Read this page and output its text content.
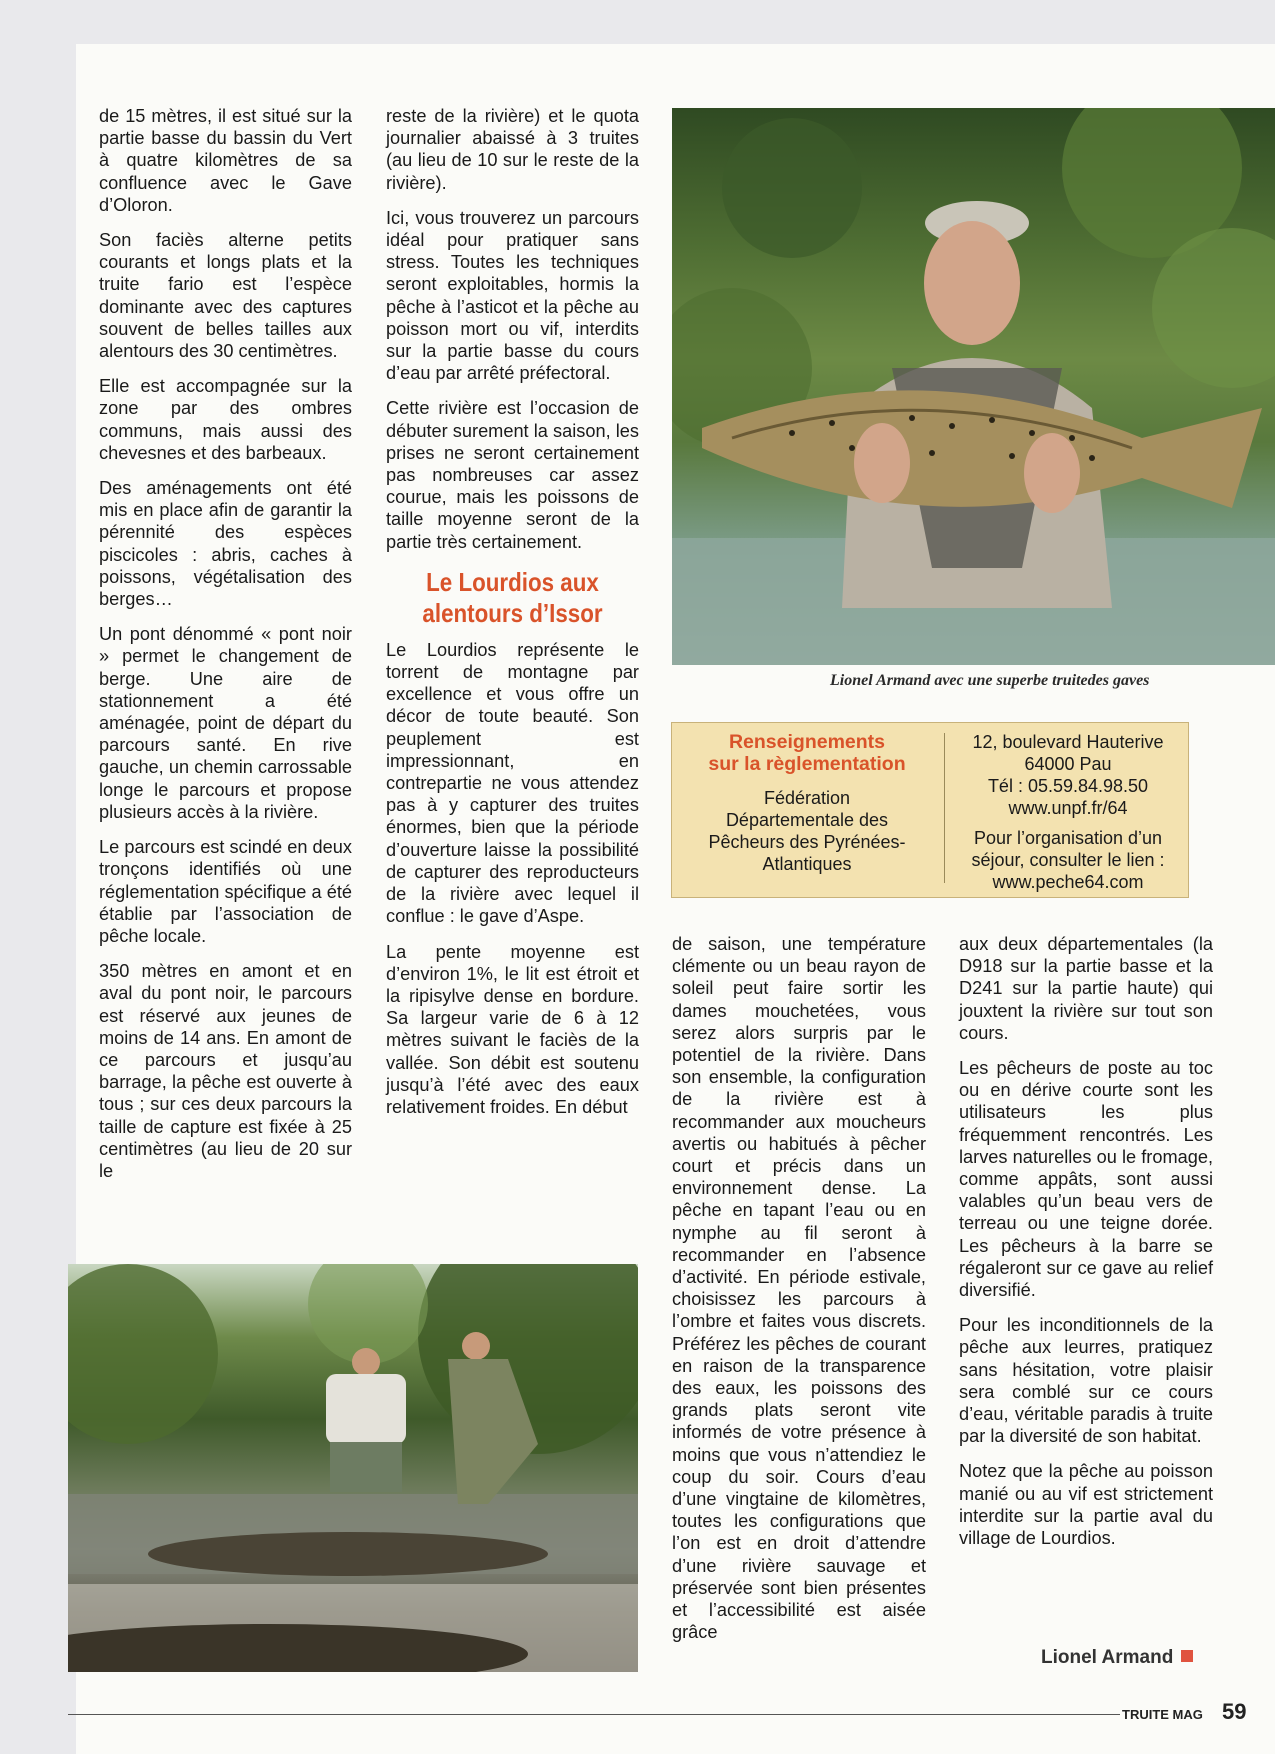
de 15 mètres, il est situé sur la partie basse du bassin du Vert à quatre kilomètres de sa confluence avec le Gave d’Oloron.

Son faciès alterne petits courants et longs plats et la truite fario est l’espèce dominante avec des captures souvent de belles tailles aux alentours des 30 centimètres.

Elle est accompagnée sur la zone par des ombres communs, mais aussi des chevesnes et des barbeaux.

Des aménagements ont été mis en place afin de garantir la pérennité des espèces piscicoles : abris, caches à poissons, végétalisation des berges…

Un pont dénommé « pont noir » permet le changement de berge. Une aire de stationnement a été aménagée, point de départ du parcours santé. En rive gauche, un chemin carrossable longe le parcours et propose plusieurs accès à la rivière.

Le parcours est scindé en deux tronçons identifiés où une réglementation spécifique a été établie par l’association de pêche locale.

350 mètres en amont et en aval du pont noir, le parcours est réservé aux jeunes de moins de 14 ans. En amont de ce parcours et jusqu’au barrage, la pêche est ouverte à tous ; sur ces deux parcours la taille de capture est fixée à 25 centimètres (au lieu de 20 sur le

reste de la rivière) et le quota journalier abaissé à 3 truites (au lieu de 10 sur le reste de la rivière).

Ici, vous trouverez un parcours idéal pour pratiquer sans stress. Toutes les techniques seront exploitables, hormis la pêche à l’asticot et la pêche au poisson mort ou vif, interdits sur la partie basse du cours d’eau par arrêté préfectoral.

Cette rivière est l’occasion de débuter surement la saison, les prises ne seront certainement pas nombreuses car assez courue, mais les poissons de taille moyenne seront de la partie très certainement.

Le Lourdios aux alentours d’Issor

Le Lourdios représente le torrent de montagne par excellence et vous offre un décor de toute beauté. Son peuplement est impressionnant, en contrepartie ne vous attendez pas à y capturer des truites énormes, bien que la période d’ouverture laisse la possibilité de capturer des reproducteurs de la rivière avec lequel il conflue : le gave d’Aspe.

La pente moyenne est d’environ 1%, le lit est étroit et la ripisylve dense en bordure. Sa largeur varie de 6 à 12 mètres suivant le faciès de la vallée. Son débit est soutenu jusqu’à l’été avec des eaux relativement froides. En début

Lionel Armand avec une superbe truitedes gaves
Renseignements
sur la règlementation
Fédération
Départementale des
Pêcheurs des Pyrénées-
Atlantiques
12, boulevard Hauterive
64000 Pau
Tél : 05.59.84.98.50
www.unpf.fr/64
Pour l’organisation d’un
séjour, consulter le lien :
www.peche64.com

de saison, une température clémente ou un beau rayon de soleil peut faire sortir les dames mouchetées, vous serez alors surpris par le potentiel de la rivière. Dans son ensemble, la configuration de la rivière est à recommander aux moucheurs avertis ou habitués à pêcher court et précis dans un environnement dense. La pêche en tapant l’eau ou en nymphe au fil seront à recommander en l’absence d’activité. En période estivale, choisissez les parcours à l’ombre et faites vous discrets. Préférez les pêches de courant en raison de la transparence des eaux, les poissons des grands plats seront vite informés de votre présence à moins que vous n’attendiez le coup du soir. Cours d’eau d’une vingtaine de kilomètres, toutes les configurations que l’on est en droit d’attendre d’une rivière sauvage et préservée sont bien présentes et l’accessibilité est aisée grâce

aux deux départementales (la D918 sur la partie basse et la D241 sur la partie haute) qui jouxtent la rivière sur tout son cours.

Les pêcheurs de poste au toc ou en dérive courte sont les utilisateurs les plus fréquemment rencontrés. Les larves naturelles ou le fromage, comme appâts, sont aussi valables qu’un beau vers de terreau ou une teigne dorée. Les pêcheurs à la barre se régaleront sur ce gave au relief diversifié.

Pour les inconditionnels de la pêche aux leurres, pratiquez sans hésitation, votre plaisir sera comblé sur ce cours d’eau, véritable paradis à truite par la diversité de son habitat.

Notez que la pêche au poisson manié ou au vif est strictement interdite sur la partie aval du village de Lourdios.

Lionel Armand
TRUITE MAG 59
